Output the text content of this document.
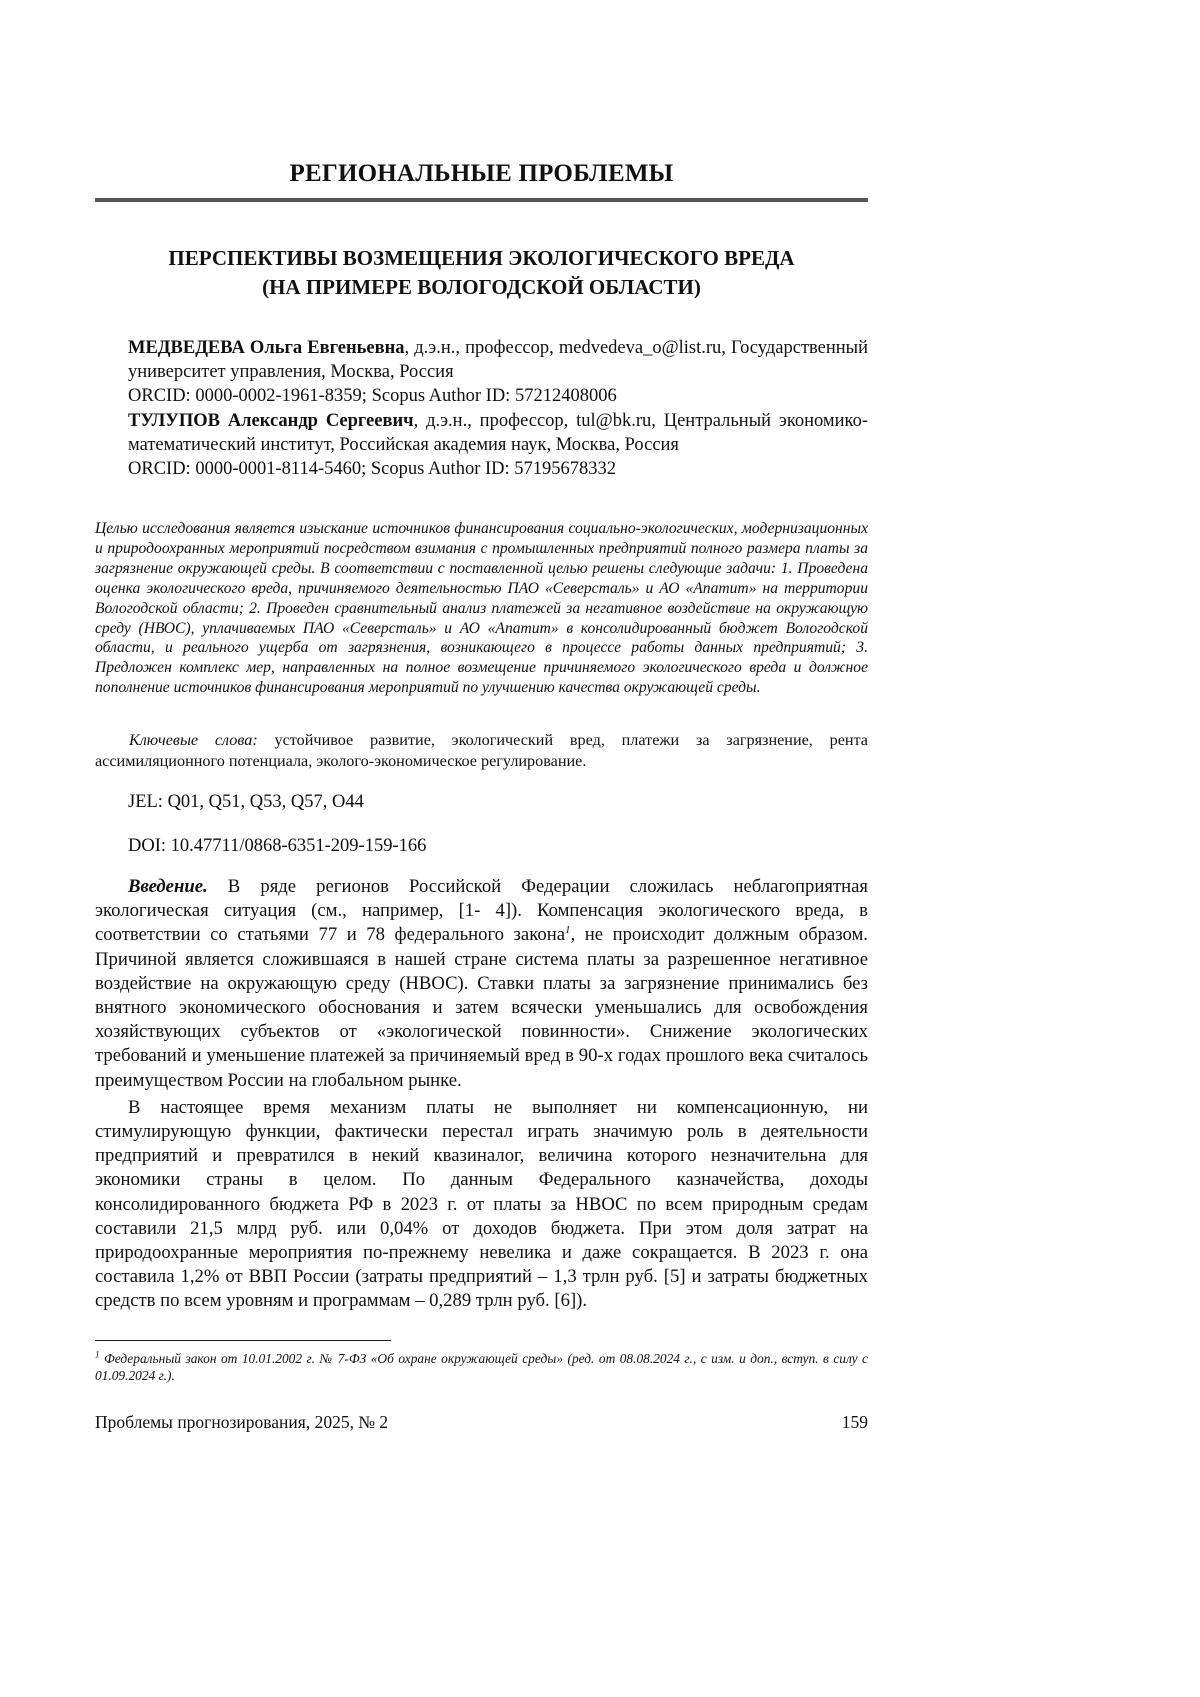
РЕГИОНАЛЬНЫЕ ПРОБЛЕМЫ
ПЕРСПЕКТИВЫ ВОЗМЕЩЕНИЯ ЭКОЛОГИЧЕСКОГО ВРЕДА
(НА ПРИМЕРЕ ВОЛОГОДСКОЙ ОБЛАСТИ)

МЕДВЕДЕВА Ольга Евгеньевна, д.э.н., профессор, medvedeva_o@list.ru, Государственный университет управления, Москва, Россия

ORCID: 0000-0002-1961-8359; Scopus Author ID: 57212408006

ТУЛУПОВ Александр Сергеевич, д.э.н., профессор, tul@bk.ru, Центральный экономико-математический институт, Российская академия наук, Москва, Россия

ORCID: 0000-0001-8114-5460; Scopus Author ID: 57195678332

Целью исследования является изыскание источников финансирования социально-экологических, модернизационных и природоохранных мероприятий посредством взимания с промышленных предприятий полного размера платы за загрязнение окружающей среды. В соответствии с поставленной целью решены следующие задачи: 1. Проведена оценка экологического вреда, причиняемого деятельностью ПАО «Северсталь» и АО «Апатит» на территории Вологодской области; 2. Проведен сравнительный анализ платежей за негативное воздействие на окружающую среду (НВОС), уплачиваемых ПАО «Северсталь» и АО «Апатит» в консолидированный бюджет Вологодской области, и реального ущерба от загрязнения, возникающего в процессе работы данных предприятий; 3. Предложен комплекс мер, направленных на полное возмещение причиняемого экологического вреда и должное пополнение источников финансирования мероприятий по улучшению качества окружающей среды.

Ключевые слова: устойчивое развитие, экологический вред, платежи за загрязнение, рента ассимиляционного потенциала, эколого-экономическое регулирование.

JEL: Q01, Q51, Q53, Q57, O44
DOI: 10.47711/0868-6351-209-159-166

Введение. В ряде регионов Российской Федерации сложилась неблагоприятная экологическая ситуация (см., например, [1- 4]). Компенсация экологического вреда, в соответствии со статьями 77 и 78 федерального закона1, не происходит должным образом. Причиной является сложившаяся в нашей стране система платы за разрешенное негативное воздействие на окружающую среду (НВОС). Ставки платы за загрязнение принимались без внятного экономического обоснования и затем всячески уменьшались для освобождения хозяйствующих субъектов от «экологической повинности». Снижение экологических требований и уменьшение платежей за причиняемый вред в 90-х годах прошлого века считалось преимуществом России на глобальном рынке.

В настоящее время механизм платы не выполняет ни компенсационную, ни стимулирующую функции, фактически перестал играть значимую роль в деятельности предприятий и превратился в некий квазиналог, величина которого незначительна для экономики страны в целом. По данным Федерального казначейства, доходы консолидированного бюджета РФ в 2023 г. от платы за НВОС по всем природным средам составили 21,5 млрд руб. или 0,04% от доходов бюджета. При этом доля затрат на природоохранные мероприятия по-прежнему невелика и даже сокращается. В 2023 г. она составила 1,2% от ВВП России (затраты предприятий – 1,3 трлн руб. [5] и затраты бюджетных средств по всем уровням и программам – 0,289 трлн руб. [6]).

1 Федеральный закон от 10.01.2002 г. № 7-ФЗ «Об охране окружающей среды» (ред. от 08.08.2024 г., с изм. и доп., вступ. в силу с 01.09.2024 г.).

Проблемы прогнозирования, 2025, № 2	159
